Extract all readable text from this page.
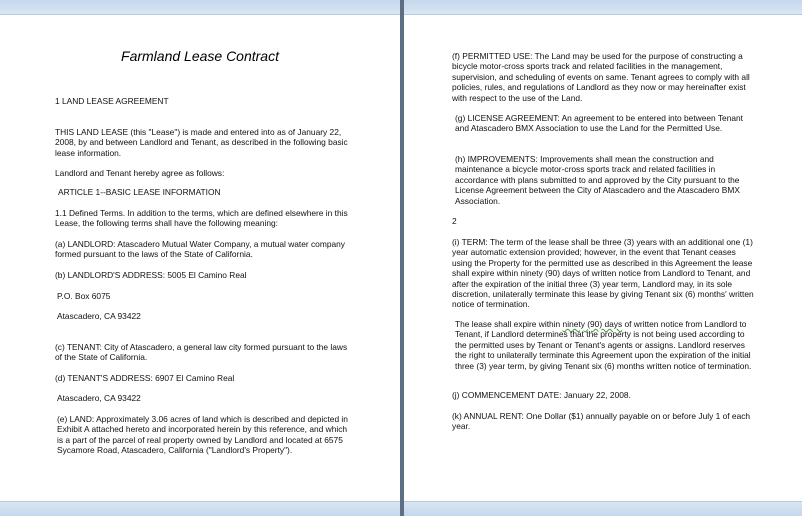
Farmland Lease Contract

1 LAND LEASE AGREEMENT

THIS LAND LEASE (this "Lease") is made and entered into as of January 22, 2008, by and between Landlord and Tenant, as described in the following basic lease information.

Landlord and Tenant hereby agree as follows:

ARTICLE 1--BASIC LEASE INFORMATION

1.1 Defined Terms. In addition to the terms, which are defined elsewhere in this Lease, the following terms shall have the following meaning:

(a) LANDLORD: Atascadero Mutual Water Company, a mutual water company formed pursuant to the laws of the State of California.

(b) LANDLORD'S ADDRESS: 5005 El Camino Real

P.O. Box 6075

Atascadero, CA 93422

(c) TENANT: City of Atascadero, a general law city formed pursuant to the laws of the State of California.

(d) TENANT'S ADDRESS: 6907 El Camino Real

Atascadero, CA 93422

(e) LAND: Approximately 3.06 acres of land which is described and depicted in Exhibit A attached hereto and incorporated herein by this reference, and which is a part of the parcel of real property owned by Landlord and located at 6575 Sycamore Road, Atascadero, California ("Landlord's Property").

(f) PERMITTED USE: The Land may be used for the purpose of constructing a bicycle motor-cross sports track and related facilities in the management, supervision, and scheduling of events on same. Tenant agrees to comply with all policies, rules, and regulations of Landlord as they now or may hereinafter exist with respect to the use of the Land.

(g) LICENSE AGREEMENT: An agreement to be entered into between Tenant and Atascadero BMX Association to use the Land for the Permitted Use.

(h) IMPROVEMENTS: Improvements shall mean the construction and maintenance a bicycle motor-cross sports track and related facilities in accordance with plans submitted to and approved by the City pursuant to the License Agreement between the City of Atascadero and the Atascadero BMX Association.

2

(i) TERM: The term of the lease shall be three (3) years with an additional one (1) year automatic extension provided; however, in the event that Tenant ceases using the Property for the permitted use as described in this Agreement the lease shall expire within ninety (90) days of written notice from Landlord to Tenant, and after the expiration of the initial three (3) year term, Landlord may, in its sole discretion, unilaterally terminate this lease by giving Tenant six (6) months' written notice of termination.

The lease shall expire within ninety (90) days of written notice from Landlord to Tenant, if Landlord determines that the property is not being used according to the permitted uses by Tenant or Tenant's agents or assigns. Landlord reserves the right to unilaterally terminate this Agreement upon the expiration of the initial three (3) year term, by giving Tenant six (6) months written notice of termination.

(j) COMMENCEMENT DATE: January 22, 2008.

(k) ANNUAL RENT: One Dollar ($1) annually payable on or before July 1 of each year.
